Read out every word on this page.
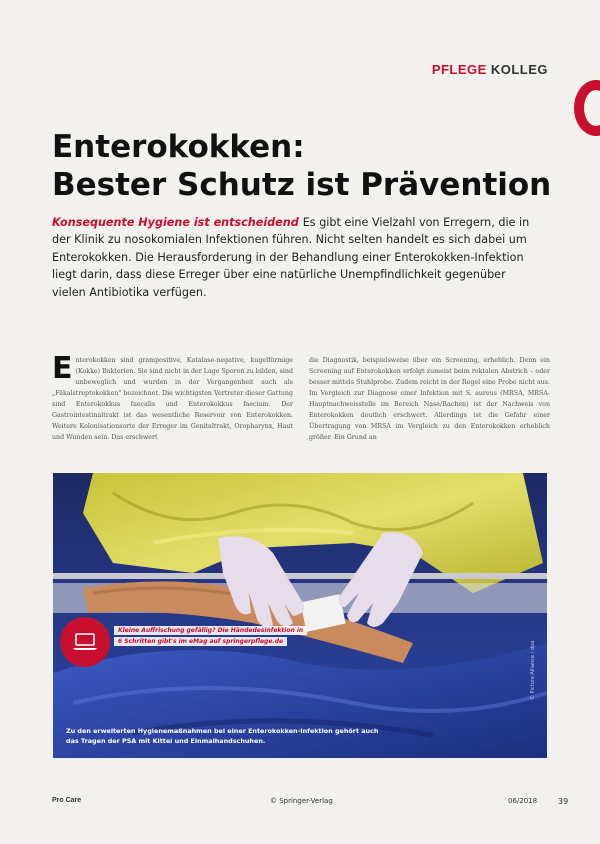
PFLEGE KOLLEG
Enterokokken:
Bester Schutz ist Prävention

Konsequente Hygiene ist entscheidend Es gibt eine Vielzahl von Erregern, die in der Klinik zu nosokomialen Infektionen führen. Nicht selten handelt es sich dabei um Enterokokken. Die Herausforderung in der Behandlung einer Enterokokken-Infektion liegt darin, dass diese Erreger über eine natürliche Unempfindlichkeit gegenüber vielen Antibiotika verfügen.

Enterokokken sind grampositive, Katalase-negative, kugelförmige (Kokke) Bakterien. Sie sind nicht in der Lage Sporen zu bilden, sind unbeweglich und wurden in der Vergangenheit auch als „Fäkalstreptokokken" bezeichnet. Die wichtigsten Vertreter dieser Gattung sind Enterokokkus faecalis und Enterokokkus faecium. Der Gastrointestinaltrakt ist das wesentliche Reservoir von Enterokokken. Weitere Kolonisationsorte der Erreger im Genitaltrakt, Oropharynx, Haut und Wunden sein. Das erschwert
die Diagnostik, beispielsweise über ein Screening, erheblich. Denn ein Screening auf Enterokokken erfolgt zumeist beim rektalen Abstrich – oder besser mittels Stuhlprobe. Zudem reicht in der Regel eine Probe nicht aus. Im Vergleich zur Diagnose einer Infektion mit S. aureus (MRSA, MRSA-Hauptnachweisstelle im Bereich Nase/Rachen) ist der Nachweis von Enterokokken deutlich erschwert. Allerdings ist die Gefahr einer Übertragung von MRSA im Vergleich zu den Enterokokken erheblich größer. Ein Grund an
Kleine Auffrischung gefällig? Die Händedesinfektion in
6 Schritten gibt's im eMag auf springerpflege.de	© Picture Alliance / dpa
Zu den erweiterten Hygienemaßnahmen bei einer Enterokokken-Infektion gehört auch das Tragen der PSA mit Kittel und Einmalhandschuhen.
Pro Care	© Springer-Verlag	06/2018	39
